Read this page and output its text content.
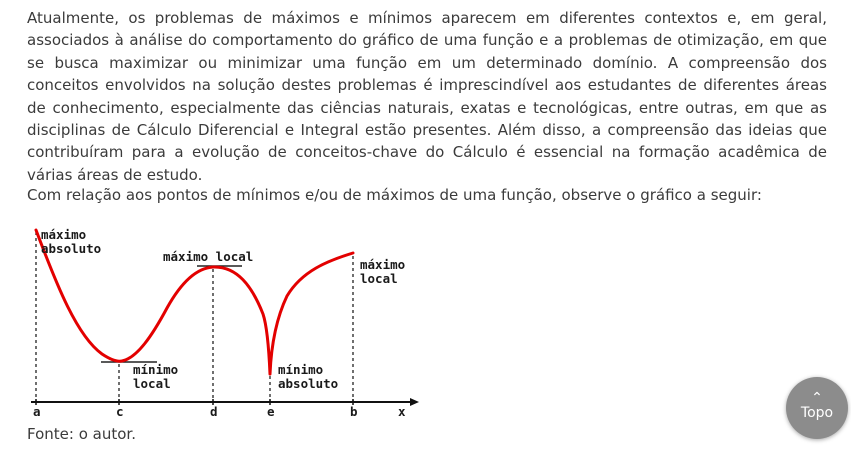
Atualmente, os problemas de máximos e mínimos aparecem em diferentes contextos e, em geral, associados à análise do comportamento do gráfico de uma função e a problemas de otimização, em que se busca maximizar ou minimizar uma função em um determinado domínio. A compreensão dos conceitos envolvidos na solução destes problemas é imprescindível aos estudantes de diferentes áreas de conhecimento, especialmente das ciências naturais, exatas e tecnológicas, entre outras, em que as disciplinas de Cálculo Diferencial e Integral estão presentes. Além disso, a compreensão das ideias que contribuíram para a evolução de conceitos-chave do Cálculo é essencial na formação acadêmica de várias áreas de estudo.

Com relação aos pontos de mínimos e/ou de máximos de uma função, observe o gráfico a seguir:

máximo
absoluto
máximo local
máximo
local
mínimo
local
mínimo
absoluto
a	c	d	e	b	x

Fonte: o autor.

⌃
Topo
